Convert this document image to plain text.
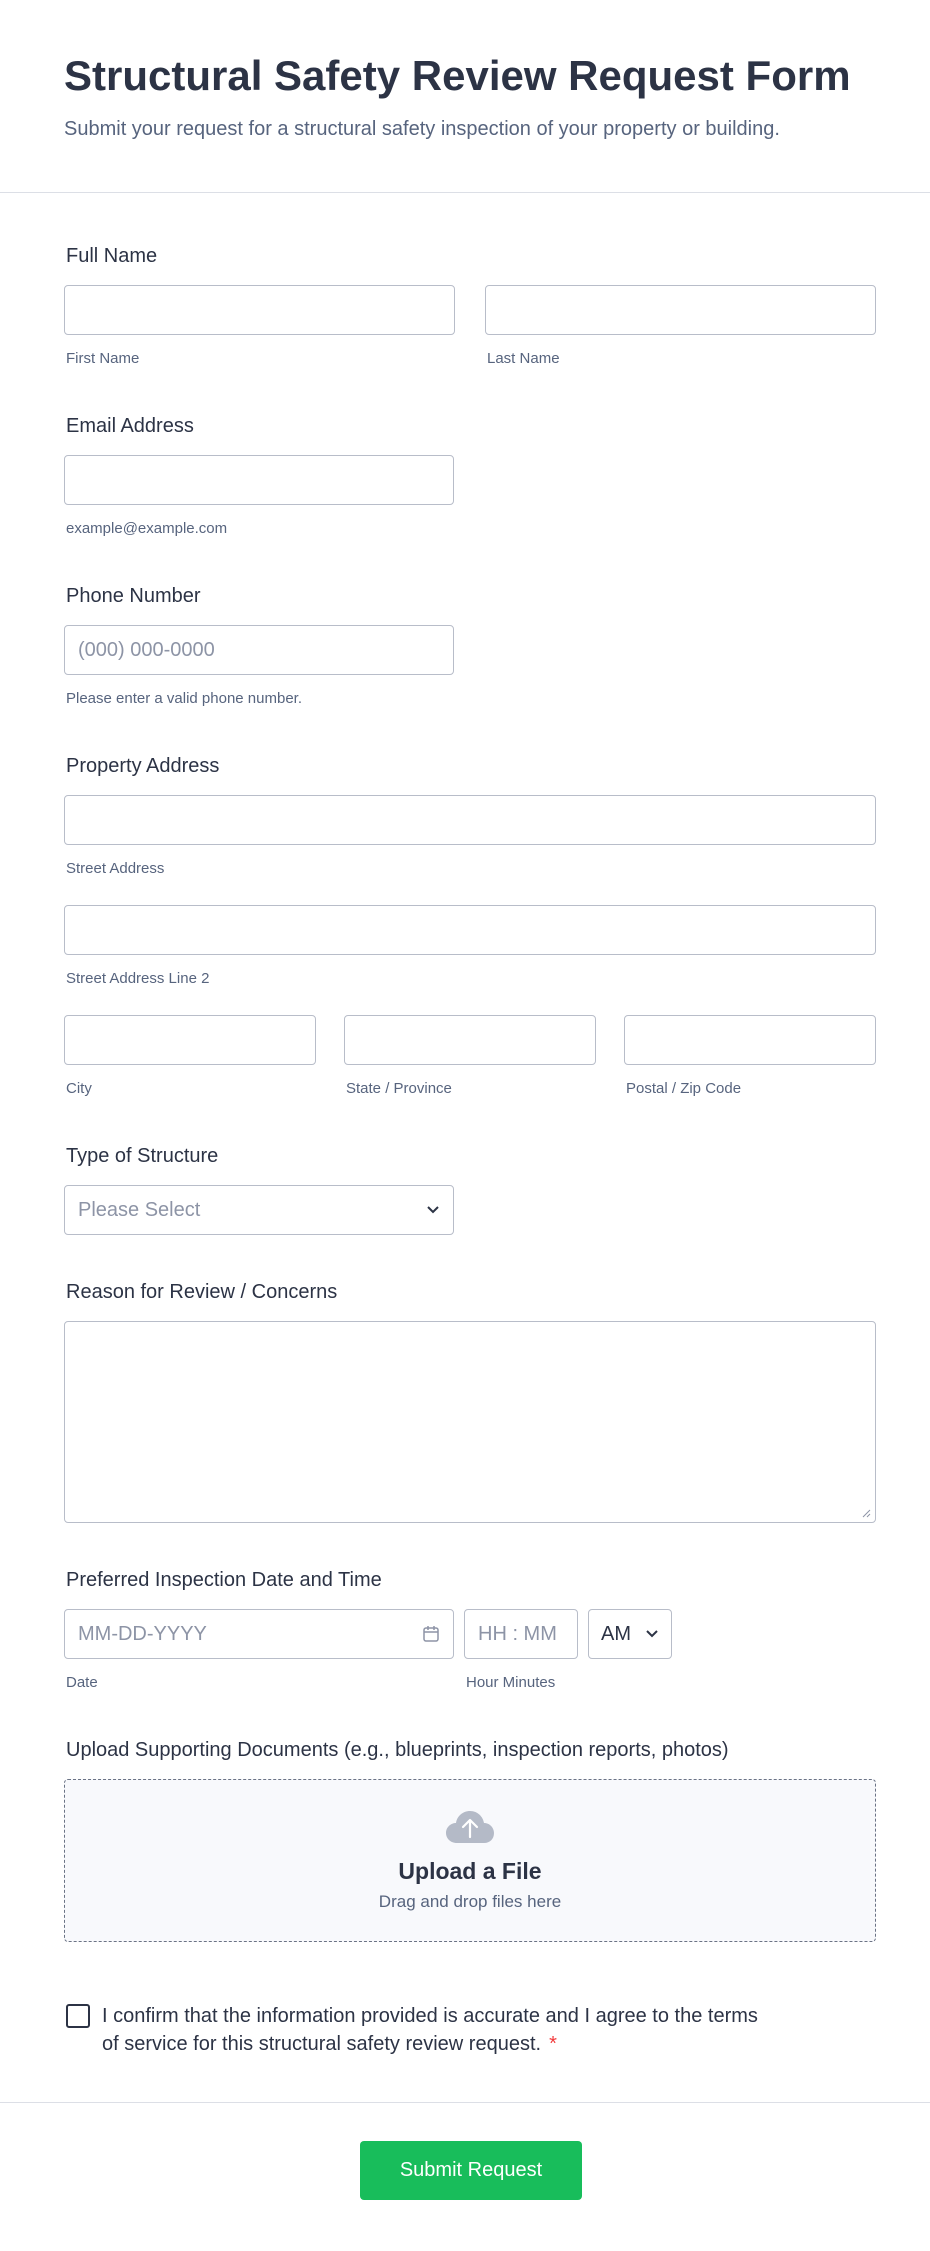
Structural Safety Review Request Form
Submit your request for a structural safety inspection of your property or building.
Full Name
First Name	Last Name
Email Address
example@example.com
Phone Number
(000) 000-0000
Please enter a valid phone number.
Property Address
Street Address
Street Address Line 2
City	State / Province	Postal / Zip Code
Type of Structure
Please Select
Reason for Review / Concerns
Preferred Inspection Date and Time
MM-DD-YYYY
Date
HH : MM
Hour Minutes
AM
Upload Supporting Documents (e.g., blueprints, inspection reports, photos)
Upload a File
Drag and drop files here
I confirm that the information provided is accurate and I agree to the terms of service for this structural safety review request. *
Submit Request
